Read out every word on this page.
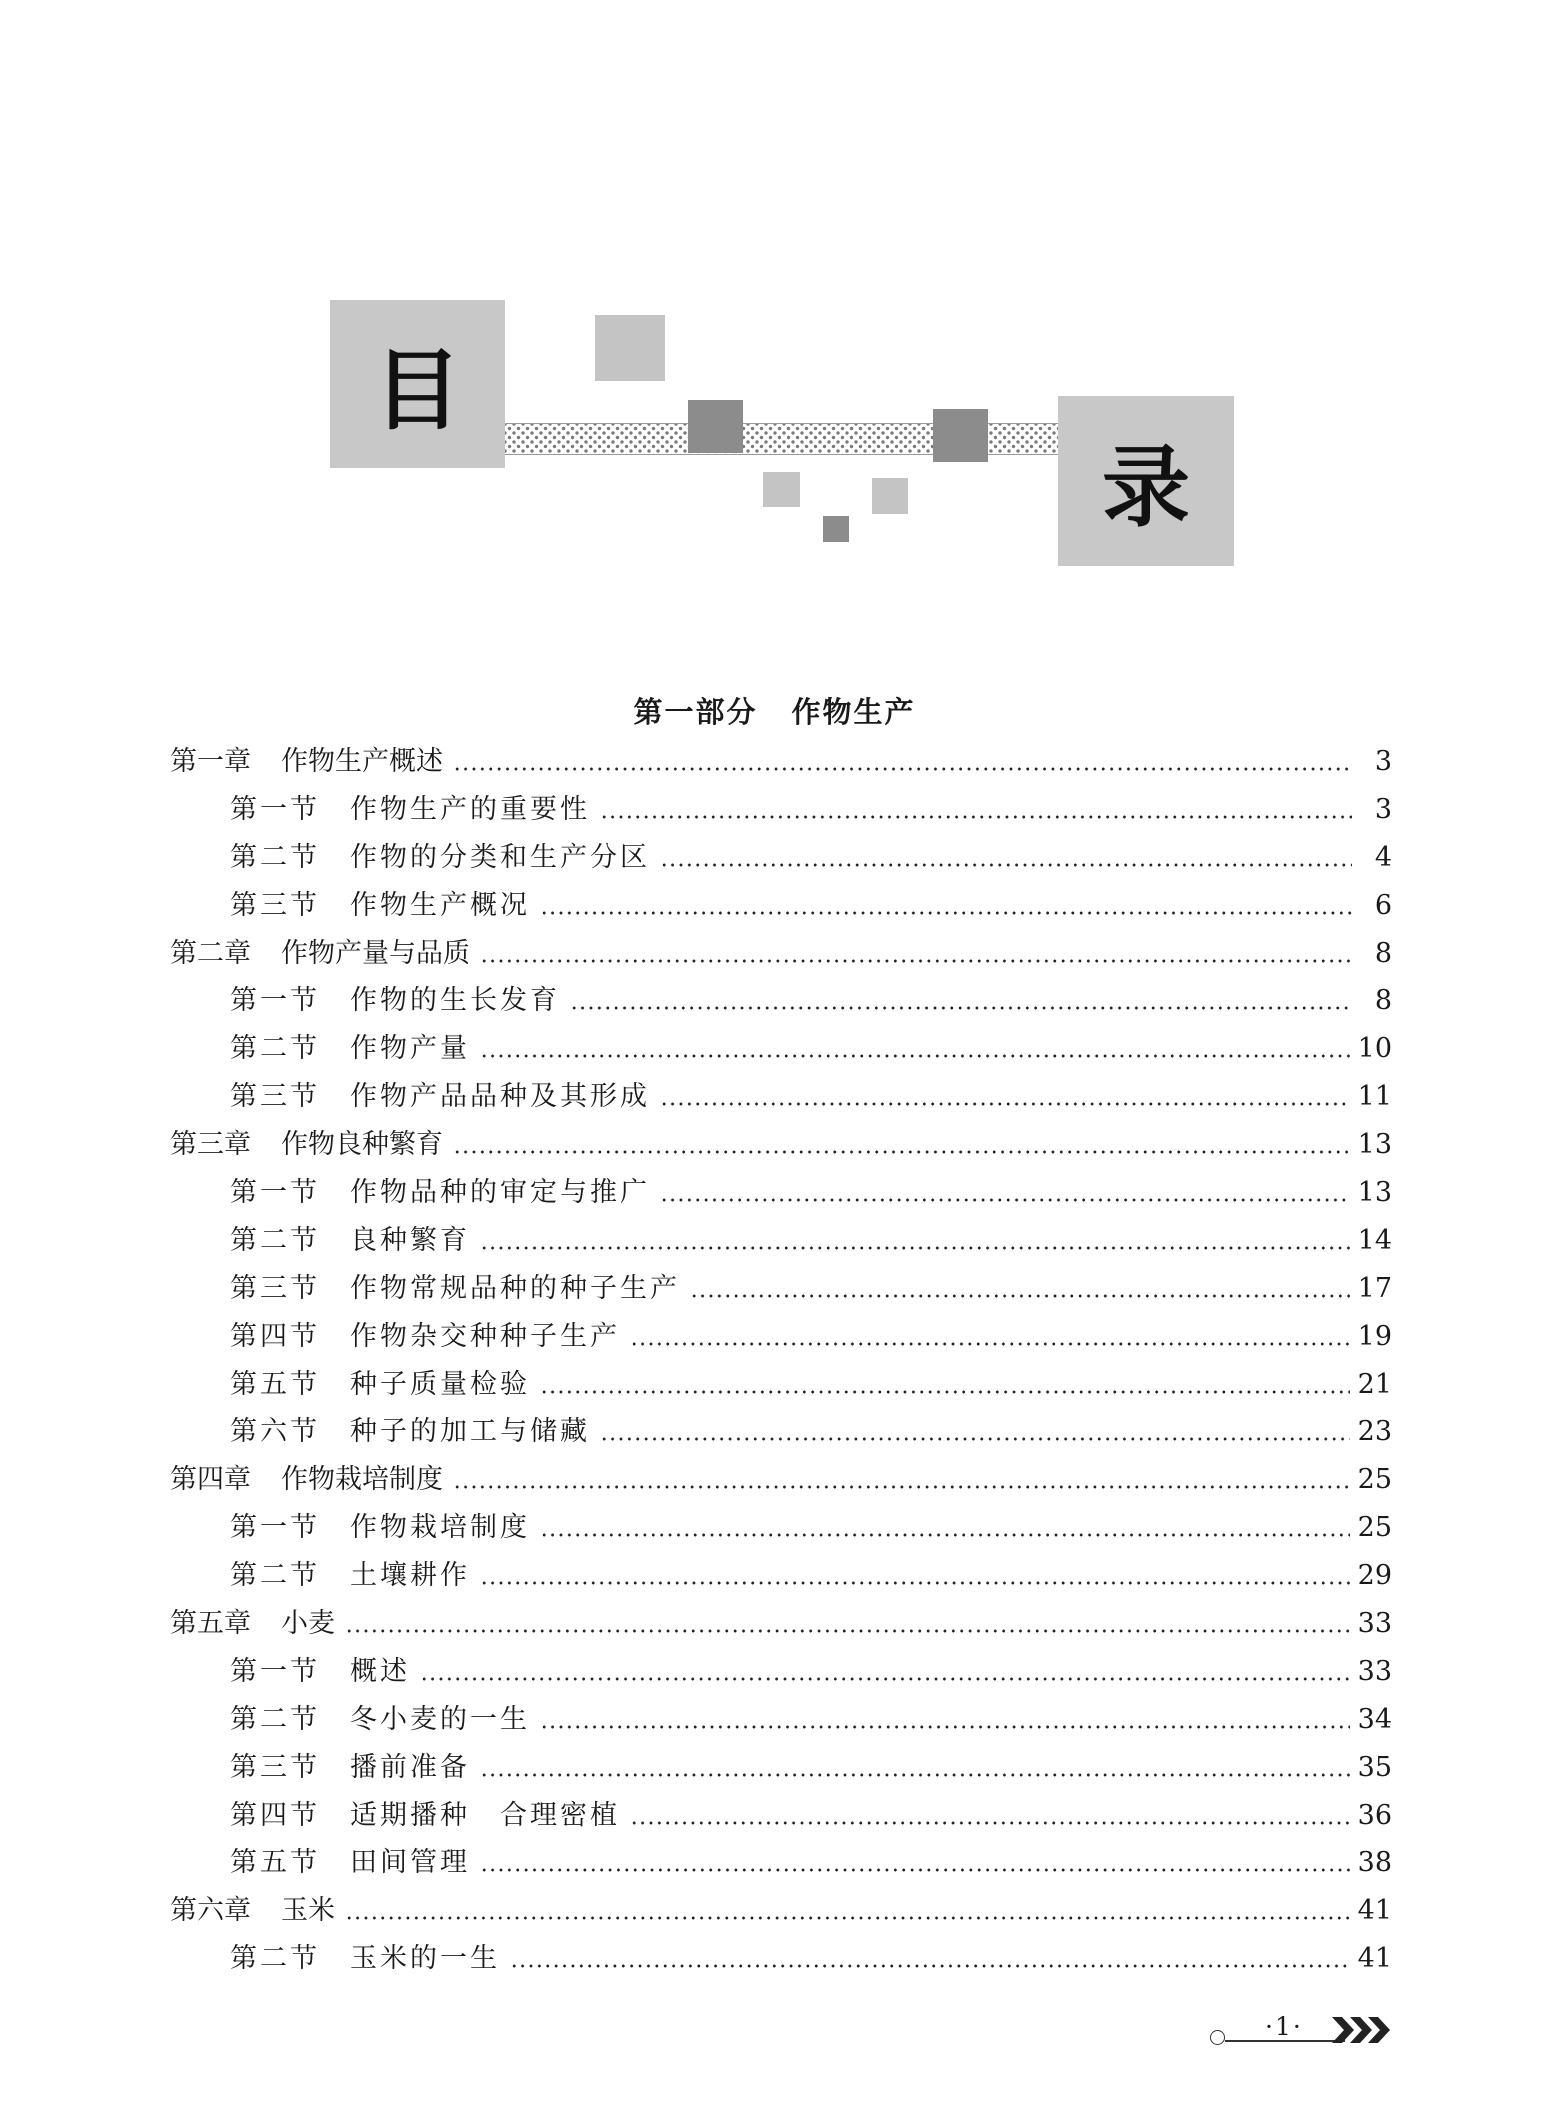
目
录
第一部分 作物生产
第一章 作物生产概述	3
第一节 作物生产的重要性	3
第二节 作物的分类和生产分区	4
第三节 作物生产概况	6
第二章 作物产量与品质	8
第一节 作物的生长发育	8
第二节 作物产量	10
第三节 作物产品品种及其形成	11
第三章 作物良种繁育	13
第一节 作物品种的审定与推广	13
第二节 良种繁育	14
第三节 作物常规品种的种子生产	17
第四节 作物杂交种种子生产	19
第五节 种子质量检验	21
第六节 种子的加工与储藏	23
第四章 作物栽培制度	25
第一节 作物栽培制度	25
第二节 土壤耕作	29
第五章 小麦	33
第一节 概述	33
第二节 冬小麦的一生	34
第三节 播前准备	35
第四节 适期播种　合理密植	36
第五节 田间管理	38
第六章 玉米	41
第二节 玉米的一生	41
·1·
